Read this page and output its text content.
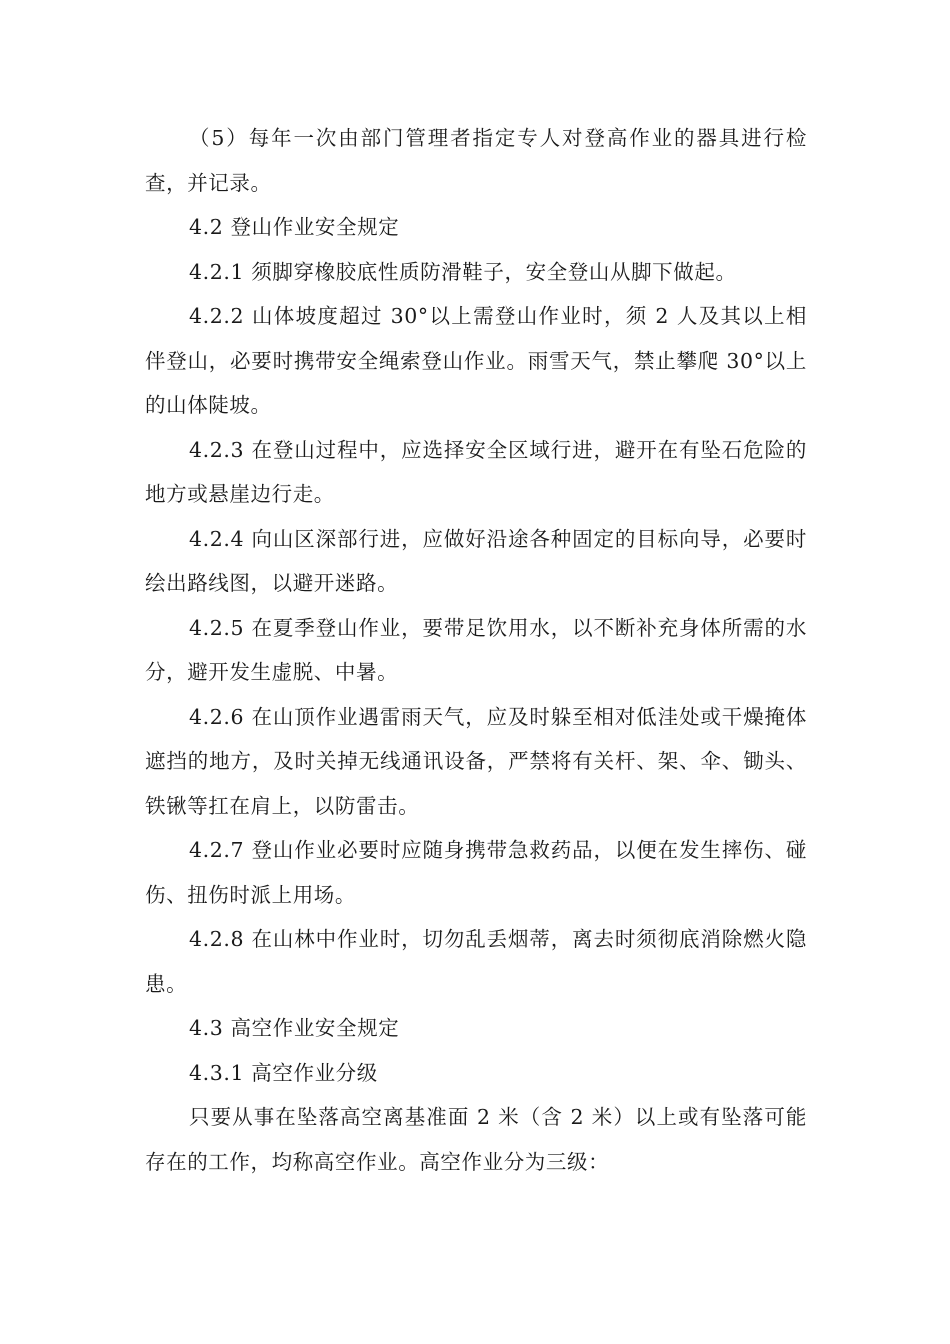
（5）每年一次由部门管理者指定专人对登高作业的器具进行检查，并记录。

4.2 登山作业安全规定

4.2.1 须脚穿橡胶底性质防滑鞋子，安全登山从脚下做起。

4.2.2 山体坡度超过 30°以上需登山作业时，须 2 人及其以上相伴登山，必要时携带安全绳索登山作业。雨雪天气，禁止攀爬 30°以上的山体陡坡。

4.2.3 在登山过程中，应选择安全区域行进，避开在有坠石危险的地方或悬崖边行走。

4.2.4 向山区深部行进，应做好沿途各种固定的目标向导，必要时绘出路线图，以避开迷路。

4.2.5 在夏季登山作业，要带足饮用水，以不断补充身体所需的水分，避开发生虚脱、中暑。

4.2.6 在山顶作业遇雷雨天气，应及时躲至相对低洼处或干燥掩体遮挡的地方，及时关掉无线通讯设备，严禁将有关杆、架、伞、锄头、铁锹等扛在肩上，以防雷击。

4.2.7 登山作业必要时应随身携带急救药品，以便在发生摔伤、碰伤、扭伤时派上用场。

4.2.8 在山林中作业时，切勿乱丢烟蒂，离去时须彻底消除燃火隐患。

4.3 高空作业安全规定

4.3.1 高空作业分级

只要从事在坠落高空离基准面 2 米（含 2 米）以上或有坠落可能存在的工作，均称高空作业。高空作业分为三级：
